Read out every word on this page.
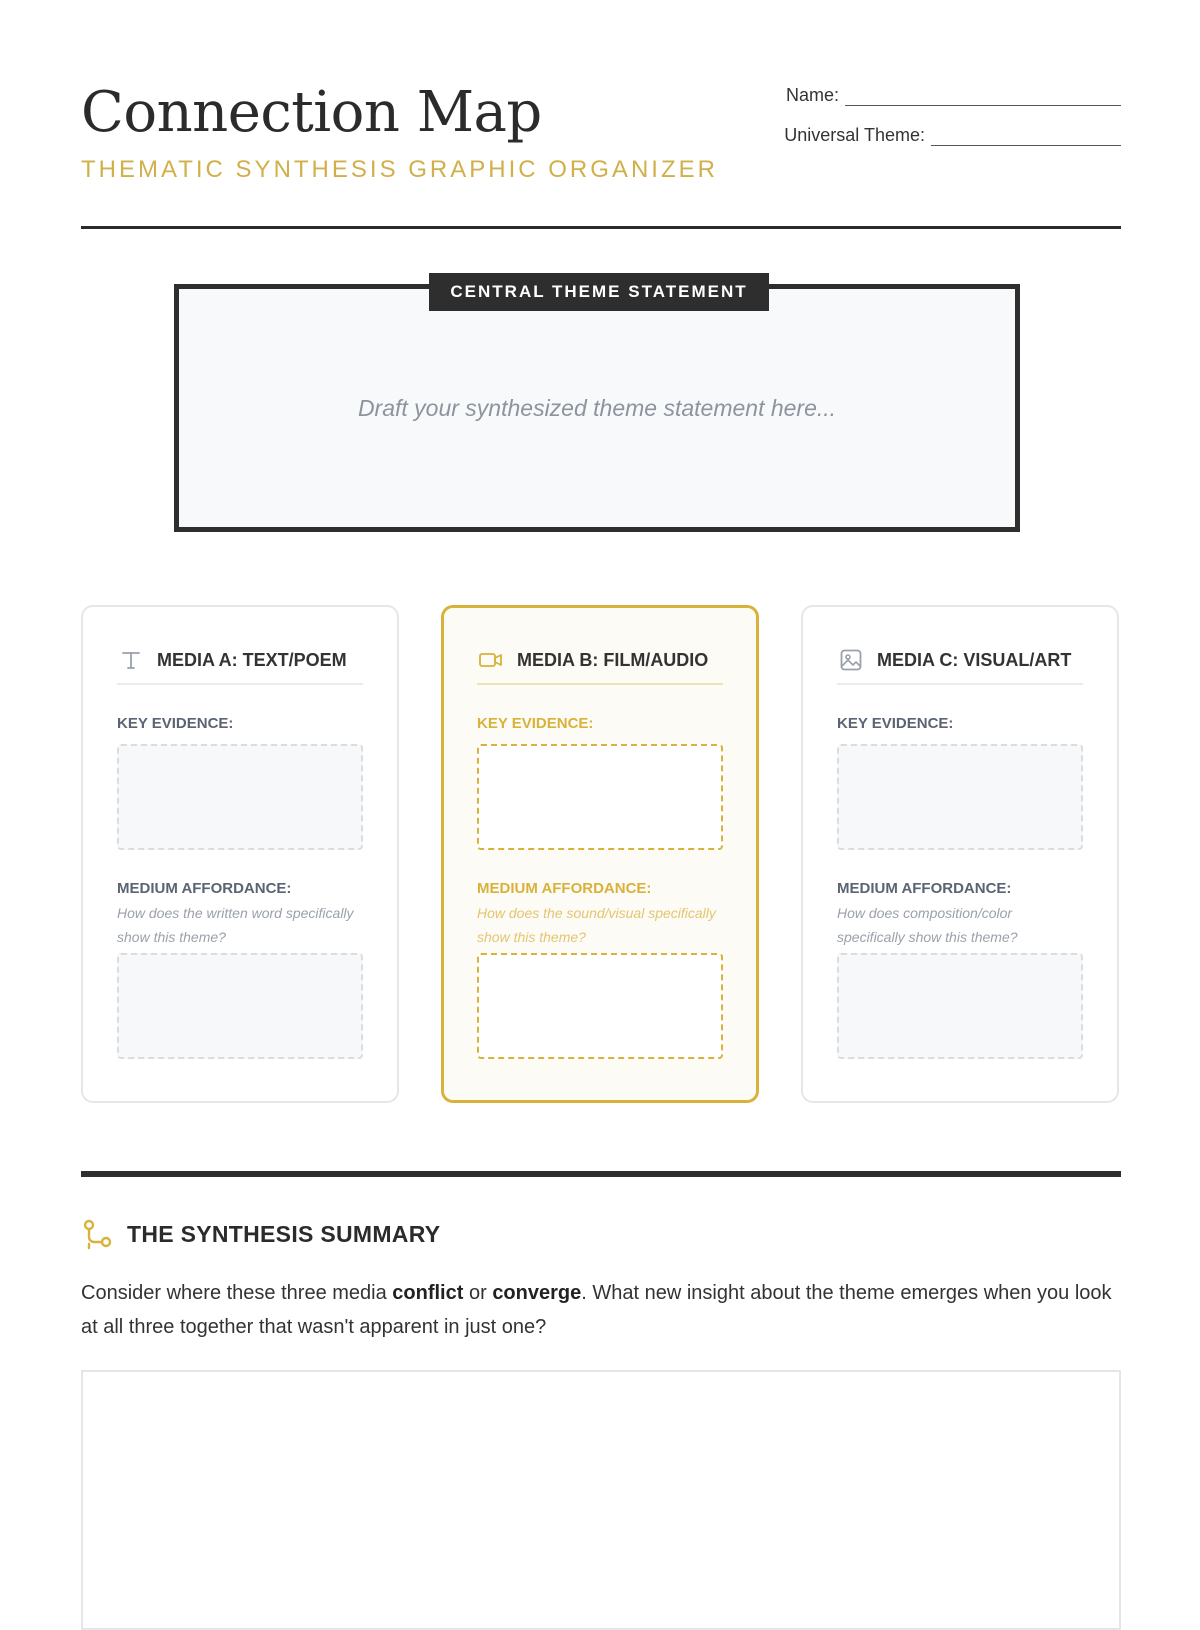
Connection Map
THEMATIC SYNTHESIS GRAPHIC ORGANIZER
Name:
Universal Theme:
CENTRAL THEME STATEMENT
Draft your synthesized theme statement here...
MEDIA A: TEXT/POEM
KEY EVIDENCE:
MEDIUM AFFORDANCE:
How does the written word specifically show this theme?
MEDIA B: FILM/AUDIO
KEY EVIDENCE:
MEDIUM AFFORDANCE:
How does the sound/visual specifically show this theme?
MEDIA C: VISUAL/ART
KEY EVIDENCE:
MEDIUM AFFORDANCE:
How does composition/color specifically show this theme?
THE SYNTHESIS SUMMARY
Consider where these three media conflict or converge. What new insight about the theme emerges when you look at all three together that wasn't apparent in just one?
